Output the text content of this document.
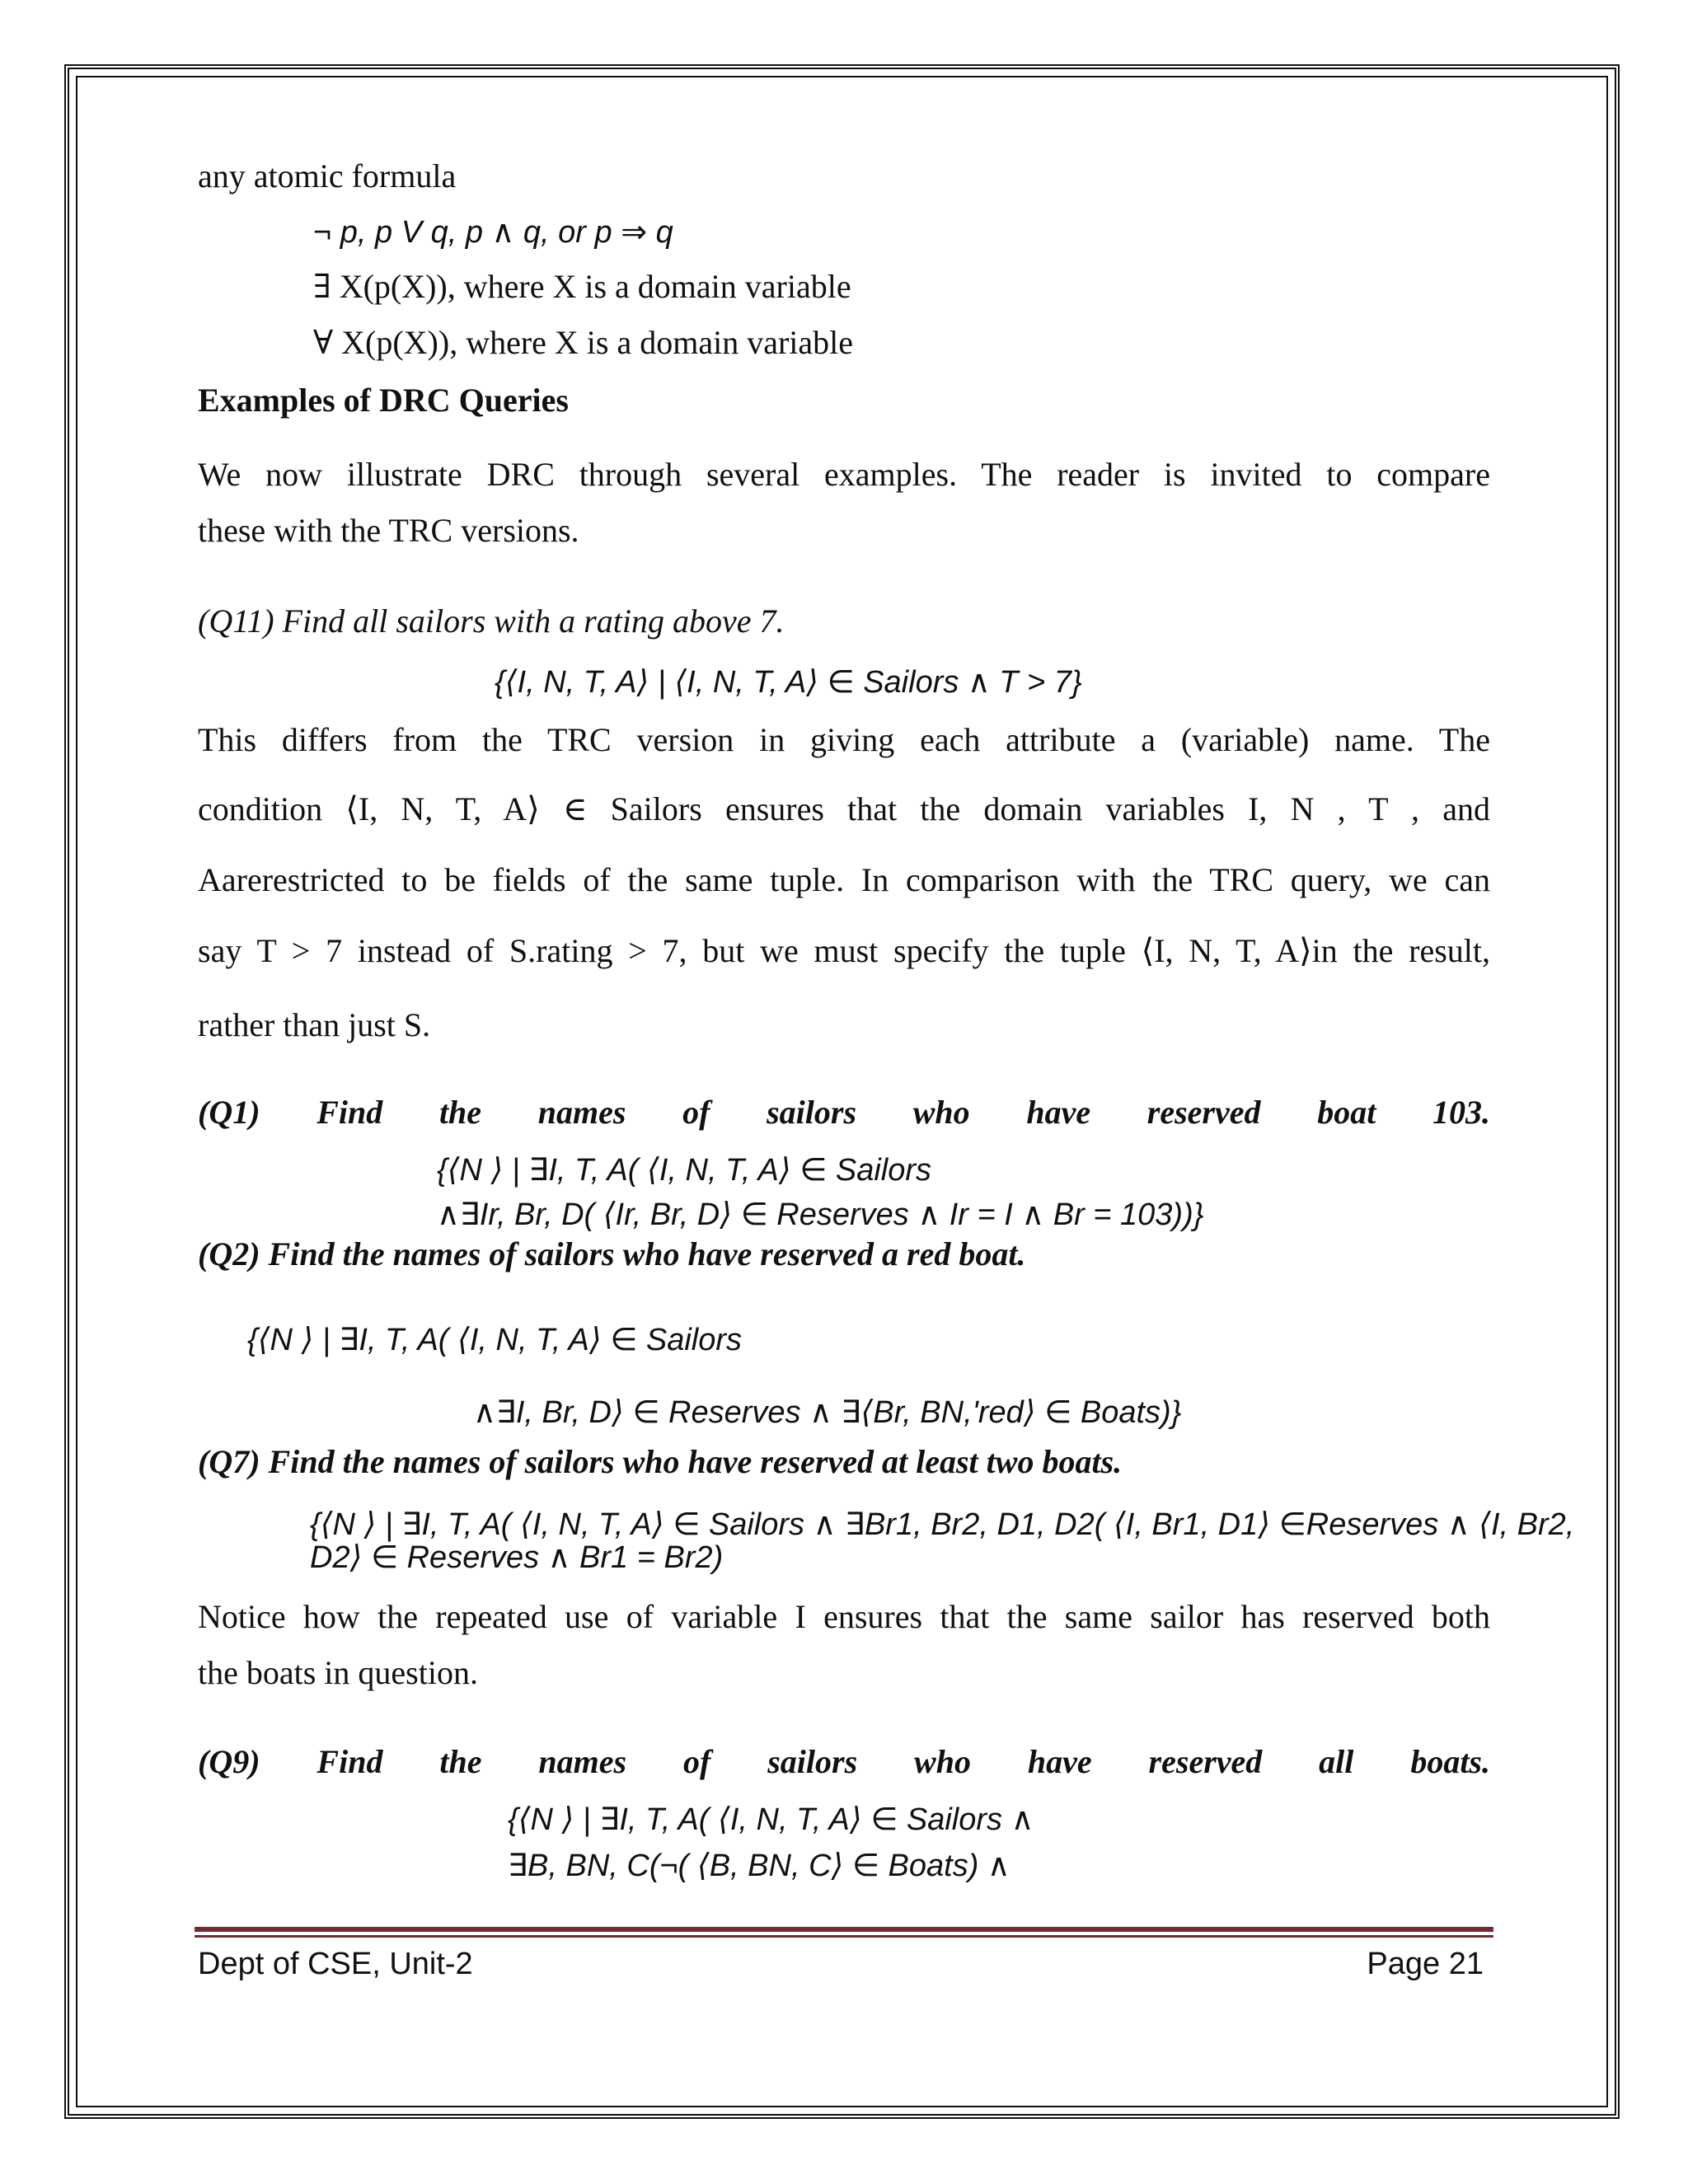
any atomic formula
¬ p, p V q, p ∧ q, or p ⇒ q
∃ X(p(X)), where X is a domain variable
∀ X(p(X)), where X is a domain variable
Examples of DRC Queries
We now illustrate DRC through several examples. The reader is invited to compare
these with the TRC versions.
(Q11) Find all sailors with a rating above 7.
{⟨I, N, T, A⟩ | ⟨I, N, T, A⟩ ∈ Sailors ∧ T > 7}
This differs from the TRC version in giving each attribute a (variable) name. The
condition ⟨I, N, T, A⟩ ∈ Sailors ensures that the domain variables I, N , T , and
Aarerestricted to be fields of the same tuple. In comparison with the TRC query, we can
say T > 7 instead of S.rating > 7, but we must specify the tuple ⟨I, N, T, A⟩in the result,
rather than just S.
(Q1) Find the names of sailors who have reserved boat 103.
{⟨N ⟩ | ∃I, T, A( ⟨I, N, T, A⟩ ∈ Sailors
∧∃Ir, Br, D( ⟨Ir, Br, D⟩ ∈ Reserves ∧ Ir = I ∧ Br = 103))}
(Q2) Find the names of sailors who have reserved a red boat.
{⟨N ⟩ | ∃I, T, A( ⟨I, N, T, A⟩ ∈ Sailors
∧∃I, Br, D⟩ ∈ Reserves ∧ ∃⟨Br, BN,'red⟩ ∈ Boats)}
(Q7) Find the names of sailors who have reserved at least two boats.
{⟨N ⟩ | ∃I, T, A( ⟨I, N, T, A⟩ ∈ Sailors ∧ ∃Br1, Br2, D1, D2( ⟨I, Br1, D1⟩ ∈Reserves ∧ ⟨I, Br2,
D2⟩ ∈ Reserves ∧ Br1 = Br2)
Notice how the repeated use of variable I ensures that the same sailor has reserved both
the boats in question.
(Q9) Find the names of sailors who have reserved all boats.
{⟨N ⟩ | ∃I, T, A( ⟨I, N, T, A⟩ ∈ Sailors ∧
∃B, BN, C(¬( ⟨B, BN, C⟩ ∈ Boats) ∧
Dept of CSE, Unit-2	Page 21
